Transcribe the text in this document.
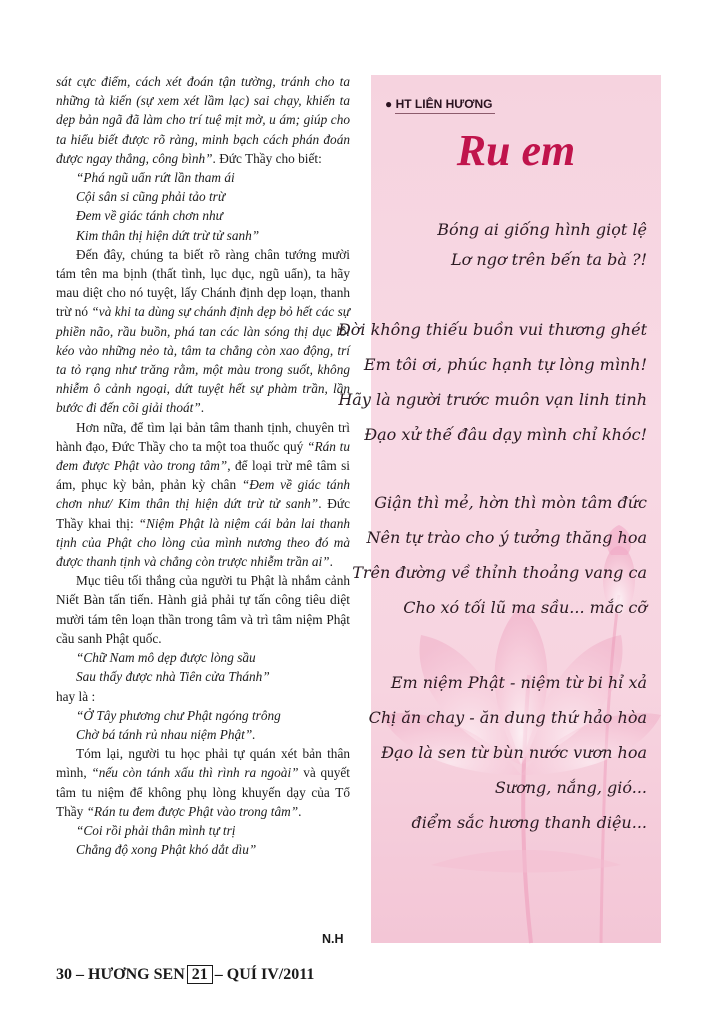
sát cực điểm, cách xét đoán tận tường, tránh cho ta những tà kiến (sự xem xét lầm lạc) sai chạy, khiến ta dẹp bản ngã đã làm cho trí tuệ mịt mờ, u ám; giúp cho ta hiểu biết được rõ ràng, minh bạch cách phán đoán được ngay thẳng, công bình”. Đức Thầy cho biết:

“Phá ngũ uẩn rứt lần tham ái

Cội sân si cũng phải tảo trừ

Đem về giác tánh chơn như

Kim thân thị hiện dứt trừ tử sanh”

Đến đây, chúng ta biết rõ ràng chân tướng mười tám tên ma bịnh (thất tình, lục dục, ngũ uẩn), ta hãy mau diệt cho nó tuyệt, lấy Chánh định dẹp loạn, thanh trừ nó “và khi ta dùng sự chánh định dẹp bỏ hết các sự phiền não, rầu buồn, phá tan các làn sóng thị dục lôi kéo vào những nẻo tà, tâm ta chẳng còn xao động, trí ta tỏ rạng như trăng rằm, một màu trong suốt, không nhiễm ô cảnh ngoại, dứt tuyệt hết sự phàm trần, lần bước đi đến cõi giải thoát”.

Hơn nữa, để tìm lại bản tâm thanh tịnh, chuyên trì hành đạo, Đức Thầy cho ta một toa thuốc quý “Rán tu đem được Phật vào trong tâm”, để loại trừ mê tâm si ám, phục kỳ bản, phản kỳ chân “Đem về giác tánh chơn như/ Kim thân thị hiện dứt trừ tử sanh”. Đức Thầy khai thị: “Niệm Phật là niệm cái bản lai thanh tịnh của Phật cho lòng của mình nương theo đó mà được thanh tịnh và chẳng còn trược nhiễm trần ai”.

Mục tiêu tối thắng của người tu Phật là nhắm cảnh Niết Bàn tấn tiến. Hành giả phải tự tấn công tiêu diệt mười tám tên loạn thần trong tâm và trì tâm niệm Phật cầu sanh Phật quốc.

“Chữ Nam mô dẹp được lòng sầu

Sau thấy được nhà Tiên cửa Thánh”

hay là :

“Ở Tây phương chư Phật ngóng trông

Chờ bá tánh rủ nhau niệm Phật”.

Tóm lại, người tu học phải tự quán xét bản thân mình, “nếu còn tánh xấu thì rình ra ngoài” và quyết tâm tu niệm để không phụ lòng khuyến dạy của Tổ Thầy “Rán tu đem được Phật vào trong tâm”.

“Coi rồi phải thân mình tự trị

Chẳng độ xong Phật khó dắt dìu”

N.H
30 – HƯƠNG SEN 21 – QUÍ IV/2011
● HT LIÊN HƯƠNG
Ru em
Bóng ai giống hình giọt lệ
Lơ ngơ trên bến ta bà ?!
Đời không thiếu buồn vui thương ghét
Em tôi ơi, phúc hạnh tự lòng mình!
Hãy là người trước muôn vạn linh tinh
Đạo xử thế đâu dạy mình chỉ khóc!
Giận thì mẻ, hờn thì mòn tâm đức
Nên tự trào cho ý tưởng thăng hoa
Trên đường về thỉnh thoảng vang ca
Cho xó tối lũ ma sầu... mắc cỡ
Em niệm Phật - niệm từ bi hỉ xả
Chị ăn chay - ăn dung thứ hảo hòa
Đạo là sen từ bùn nước vươn hoa
Sương, nắng, gió...
điểm sắc hương thanh diệu...
